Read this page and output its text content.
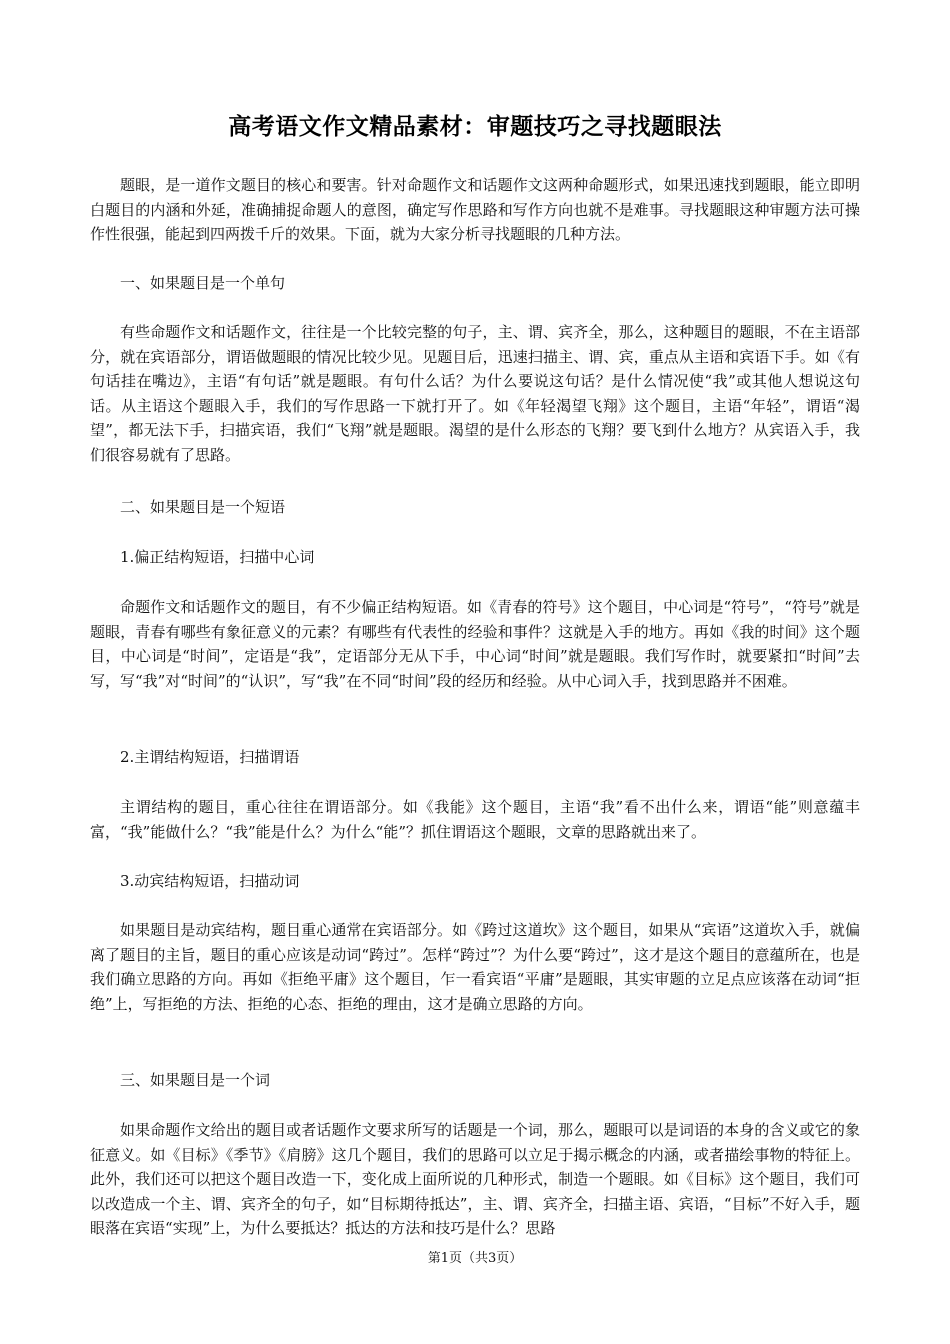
高考语文作文精品素材：审题技巧之寻找题眼法

题眼，是一道作文题目的核心和要害。针对命题作文和话题作文这两种命题形式，如果迅速找到题眼，能立即明白题目的内涵和外延，准确捕捉命题人的意图，确定写作思路和写作方向也就不是难事。寻找题眼这种审题方法可操作性很强，能起到四两拨千斤的效果。下面，就为大家分析寻找题眼的几种方法。

一、如果题目是一个单句

有些命题作文和话题作文，往往是一个比较完整的句子，主、谓、宾齐全，那么，这种题目的题眼，不在主语部分，就在宾语部分，谓语做题眼的情况比较少见。见题目后，迅速扫描主、谓、宾，重点从主语和宾语下手。如《有句话挂在嘴边》，主语“有句话”就是题眼。有句什么话？为什么要说这句话？是什么情况使“我”或其他人想说这句话。从主语这个题眼入手，我们的写作思路一下就打开了。如《年轻渴望飞翔》这个题目，主语“年轻”，谓语“渴望”，都无法下手，扫描宾语，我们“飞翔”就是题眼。渴望的是什么形态的飞翔？要飞到什么地方？从宾语入手，我们很容易就有了思路。

二、如果题目是一个短语

1.偏正结构短语，扫描中心词

命题作文和话题作文的题目，有不少偏正结构短语。如《青春的符号》这个题目，中心词是“符号”，“符号”就是题眼，青春有哪些有象征意义的元素？有哪些有代表性的经验和事件？这就是入手的地方。再如《我的时间》这个题目，中心词是“时间”，定语是“我”，定语部分无从下手，中心词“时间”就是题眼。我们写作时，就要紧扣“时间”去写，写“我”对“时间”的“认识”，写“我”在不同“时间”段的经历和经验。从中心词入手，找到思路并不困难。

2.主谓结构短语，扫描谓语

主谓结构的题目，重心往往在谓语部分。如《我能》这个题目，主语“我”看不出什么来，谓语“能”则意蕴丰富，“我”能做什么？“我”能是什么？为什么“能”？抓住谓语这个题眼，文章的思路就出来了。

3.动宾结构短语，扫描动词

如果题目是动宾结构，题目重心通常在宾语部分。如《跨过这道坎》这个题目，如果从“宾语”这道坎入手，就偏离了题目的主旨，题目的重心应该是动词“跨过”。怎样“跨过”？为什么要“跨过”，这才是这个题目的意蕴所在，也是我们确立思路的方向。再如《拒绝平庸》这个题目，乍一看宾语“平庸”是题眼，其实审题的立足点应该落在动词“拒绝”上，写拒绝的方法、拒绝的心态、拒绝的理由，这才是确立思路的方向。

三、如果题目是一个词

如果命题作文给出的题目或者话题作文要求所写的话题是一个词，那么，题眼可以是词语的本身的含义或它的象征意义。如《目标》《季节》《肩膀》这几个题目，我们的思路可以立足于揭示概念的内涵，或者描绘事物的特征上。此外，我们还可以把这个题目改造一下，变化成上面所说的几种形式，制造一个题眼。如《目标》这个题目，我们可以改造成一个主、谓、宾齐全的句子，如“目标期待抵达”，主、谓、宾齐全，扫描主语、宾语，“目标”不好入手，题眼落在宾语“实现”上，为什么要抵达？抵达的方法和技巧是什么？思路

第1页（共3页）
